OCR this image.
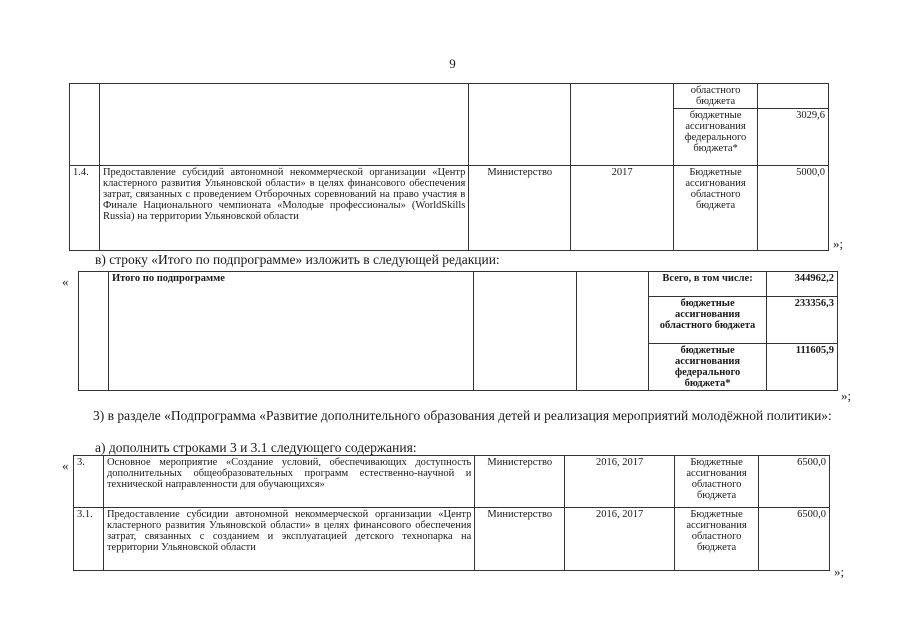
9
				областного бюджета	
				бюджетные ассигнования федерального бюджета*	3029,6
1.4.	Предоставление субсидий автономной некоммерческой организации «Центр кластерного развития Ульяновской области» в целях финансового обеспечения затрат, связанных с проведением Отборочных соревнований на право участия в Финале Национального чемпионата «Молодые профессионалы» (WorldSkills Russia) на территории Ульяновской области	Министерство	2017	Бюджетные ассигнования областного бюджета	5000,0
»;
в) строку «Итого по подпрограмме» изложить в следующей редакции:
«
		Итого по подпрограмме			Всего, в том числе:	344962,2
				бюджетные ассигнования областного бюджета	233356,3
				бюджетные ассигнования федерального бюджета*	111605,9
»;
3) в разделе «Подпрограмма «Развитие дополнительного образования детей и реализация мероприятий молодёжной политики»:
а) дополнить строками 3 и 3.1 следующего содержания:
« 3.	Основное мероприятие «Создание условий, обеспечивающих доступность дополнительных общеобразовательных программ естественно-научной и технической направленности для обучающихся»	Министерство	2016, 2017	Бюджетные ассигнования областного бюджета	6500,0
3.1.	Предоставление субсидии автономной некоммерческой организации «Центр кластерного развития Ульяновской области» в целях финансового обеспечения затрат, связанных с созданием и эксплуатацией детского технопарка на территории Ульяновской области	Министерство	2016, 2017	Бюджетные ассигнования областного бюджета	6500,0
»;
